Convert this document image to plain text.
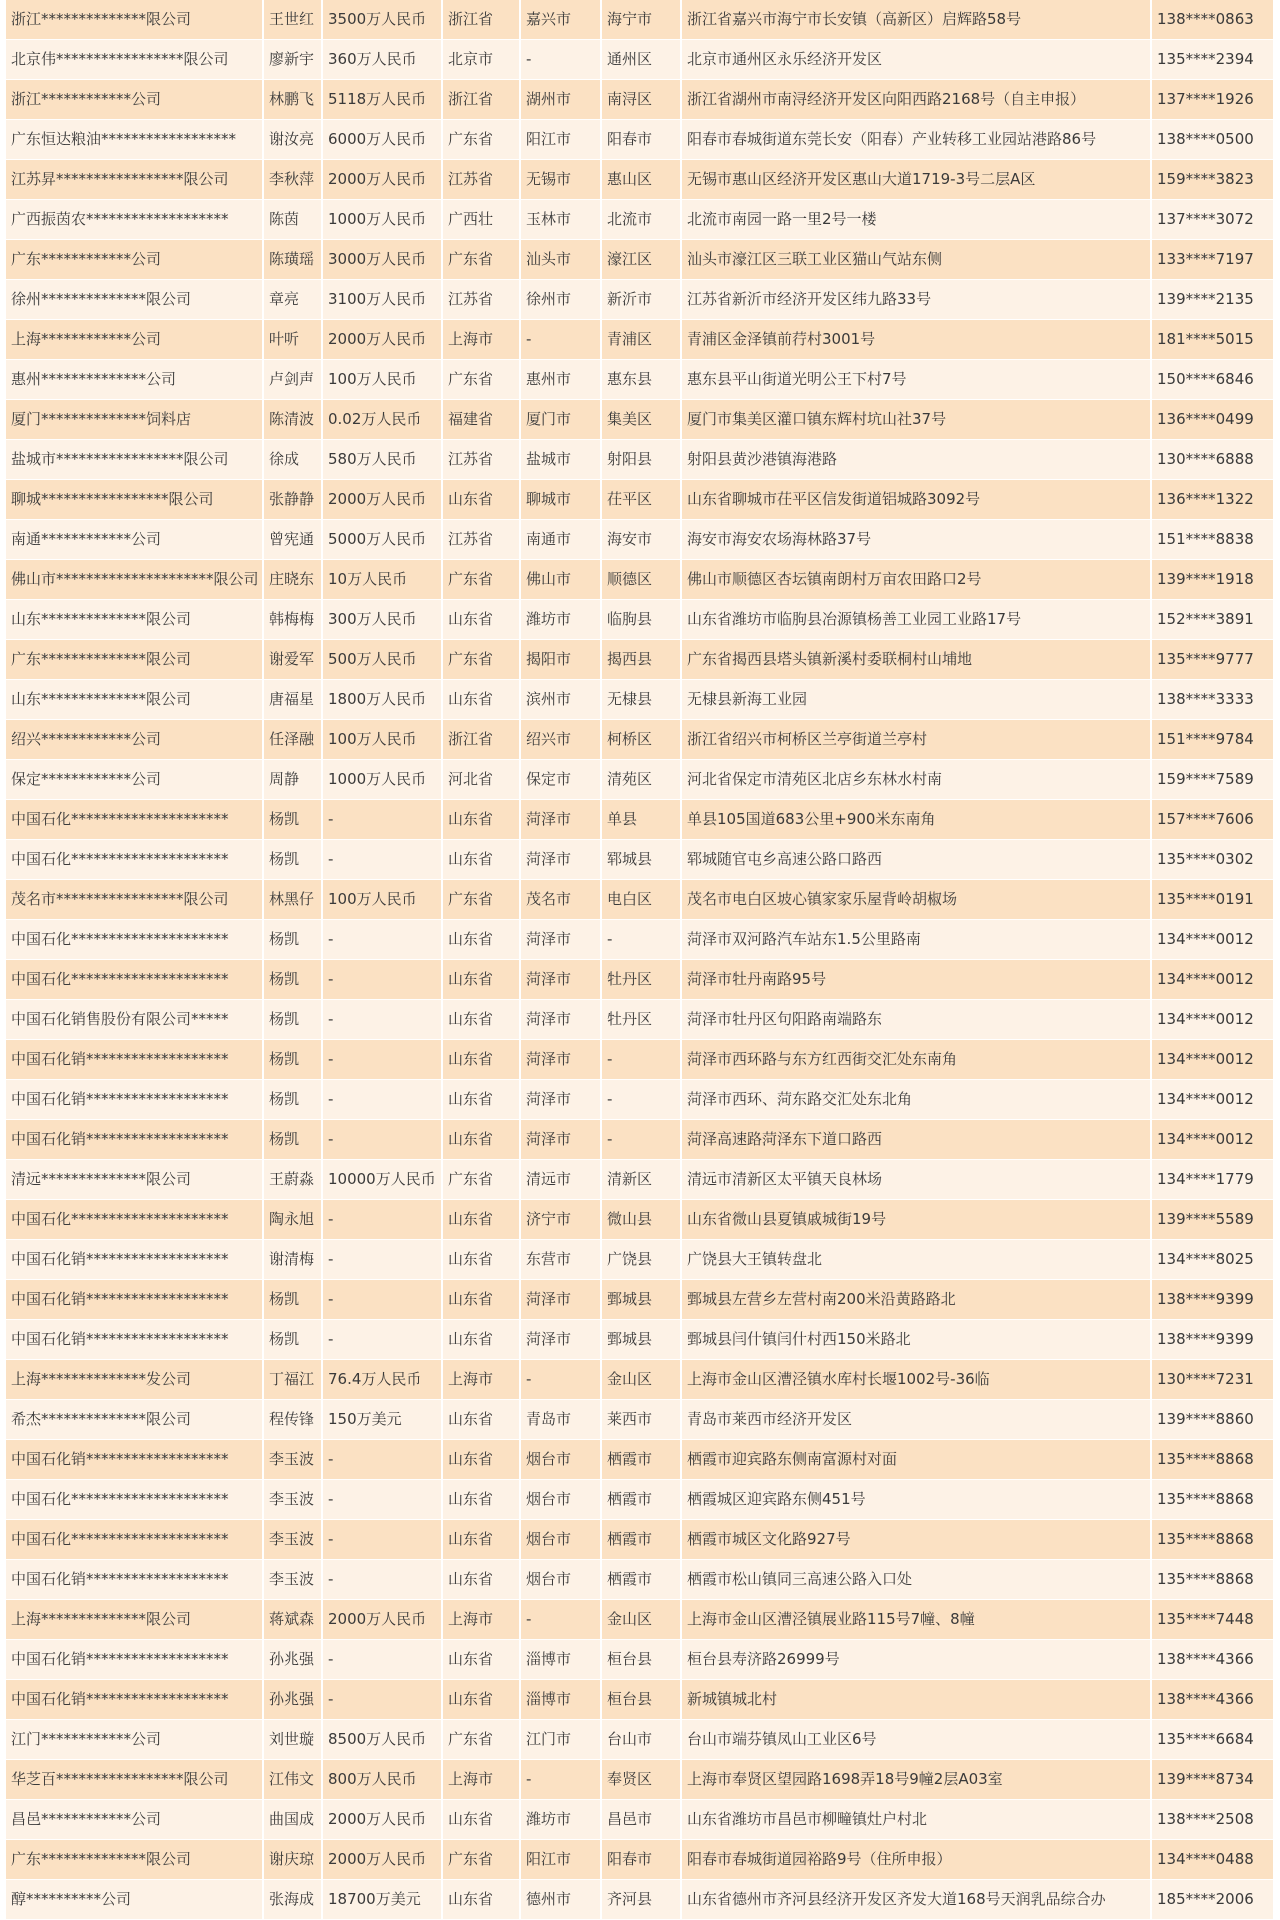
浙江**************限公司	王世红 3500万人民币	浙江省	嘉兴市	海宁市	浙江省嘉兴市海宁市长安镇（高新区）启辉路58号	138****0863
北京伟*****************限公司	廖新宇 360万人民币	北京市	-	通州区	北京市通州区永乐经济开发区	135****2394
浙江************公司	林鹏飞 5118万人民币	浙江省	湖州市	南浔区	浙江省湖州市南浔经济开发区向阳西路2168号（自主申报）	137****1926
广东恒达粮油******************	谢汝亮 6000万人民币	广东省	阳江市	阳春市	阳春市春城街道东莞长安（阳春）产业转移工业园站港路86号	138****0500
江苏昇*****************限公司	李秋萍 2000万人民币	江苏省	无锡市	惠山区	无锡市惠山区经济开发区惠山大道1719-3号二层A区	159****3823
广西振茵农*******************	陈茵	1000万人民币	广西壮	玉林市	北流市	北流市南园一路一里2号一楼	137****3072
广东************公司	陈璜瑶 3000万人民币	广东省	汕头市	濠江区	汕头市濠江区三联工业区猫山气站东侧	133****7197
徐州**************限公司	章亮	3100万人民币	江苏省	徐州市	新沂市	江苏省新沂市经济开发区纬九路33号	139****2135
上海************公司	叶听	2000万人民币	上海市	-	青浦区	青浦区金泽镇前荇村3001号	181****5015
惠州**************公司	卢剑声 100万人民币	广东省	惠州市	惠东县	惠东县平山街道光明公王下村7号	150****6846
厦门**************饲料店	陈清波 0.02万人民币	福建省	厦门市	集美区	厦门市集美区灌口镇东辉村坑山社37号	136****0499
盐城市*****************限公司	徐成	580万人民币	江苏省	盐城市	射阳县	射阳县黄沙港镇海港路	130****6888
聊城*****************限公司	张静静 2000万人民币	山东省	聊城市	茌平区	山东省聊城市茌平区信发街道铝城路3092号	136****1322
南通************公司	曾宪通 5000万人民币	江苏省	南通市	海安市	海安市海安农场海林路37号	151****8838
佛山市*********************限公司 庄晓东 10万人民币	广东省	佛山市	顺德区	佛山市顺德区杏坛镇南朗村万亩农田路口2号	139****1918
山东**************限公司	韩梅梅 300万人民币	山东省	潍坊市	临朐县	山东省潍坊市临朐县冶源镇杨善工业园工业路17号	152****3891
广东**************限公司	谢爱军 500万人民币	广东省	揭阳市	揭西县	广东省揭西县塔头镇新溪村委联桐村山埔地	135****9777
山东**************限公司	唐福星 1800万人民币	山东省	滨州市	无棣县	无棣县新海工业园	138****3333
绍兴************公司	任泽融 100万人民币	浙江省	绍兴市	柯桥区	浙江省绍兴市柯桥区兰亭街道兰亭村	151****9784
保定************公司	周静	1000万人民币	河北省	保定市	清苑区	河北省保定市清苑区北店乡东林水村南	159****7589
中国石化*********************	杨凯	-	山东省	菏泽市	单县	单县105国道683公里+900米东南角	157****7606
中国石化*********************	杨凯	-	山东省	菏泽市	郓城县	郓城随官屯乡高速公路口路西	135****0302
茂名市*****************限公司	林黑仔 100万人民币	广东省	茂名市	电白区	茂名市电白区坡心镇家家乐屋背岭胡椒场	135****0191
中国石化*********************	杨凯	-	山东省	菏泽市	-	菏泽市双河路汽车站东1.5公里路南	134****0012
中国石化*********************	杨凯	-	山东省	菏泽市	牡丹区	菏泽市牡丹南路95号	134****0012
中国石化销售股份有限公司*****	杨凯	-	山东省	菏泽市	牡丹区	菏泽市牡丹区句阳路南端路东	134****0012
中国石化销*******************	杨凯	-	山东省	菏泽市	-	菏泽市西环路与东方红西街交汇处东南角	134****0012
中国石化销*******************	杨凯	-	山东省	菏泽市	-	菏泽市西环、菏东路交汇处东北角	134****0012
中国石化销*******************	杨凯	-	山东省	菏泽市	-	菏泽高速路菏泽东下道口路西	134****0012
清远**************限公司	王蔚淼 10000万人民币 广东省	清远市	清新区	清远市清新区太平镇天良林场	134****1779
中国石化*********************	陶永旭 -	山东省	济宁市	微山县	山东省微山县夏镇戚城街19号	139****5589
中国石化销*******************	谢清梅 -	山东省	东营市	广饶县	广饶县大王镇转盘北	134****8025
中国石化销*******************	杨凯	-	山东省	菏泽市	鄄城县	鄄城县左营乡左营村南200米沿黄路路北	138****9399
中国石化销*******************	杨凯	-	山东省	菏泽市	鄄城县	鄄城县闫什镇闫什村西150米路北	138****9399
上海**************发公司	丁福江 76.4万人民币	上海市	-	金山区	上海市金山区漕泾镇水库村长堰1002号-36临	130****7231
希杰**************限公司	程传锋 150万美元	山东省	青岛市	莱西市	青岛市莱西市经济开发区	139****8860
中国石化销*******************	李玉波 -	山东省	烟台市	栖霞市	栖霞市迎宾路东侧南富源村对面	135****8868
中国石化*********************	李玉波 -	山东省	烟台市	栖霞市	栖霞城区迎宾路东侧451号	135****8868
中国石化*********************	李玉波 -	山东省	烟台市	栖霞市	栖霞市城区文化路927号	135****8868
中国石化销*******************	李玉波 -	山东省	烟台市	栖霞市	栖霞市松山镇同三高速公路入口处	135****8868
上海**************限公司	蒋斌森 2000万人民币	上海市	-	金山区	上海市金山区漕泾镇展业路115号7幢、8幢	135****7448
中国石化销*******************	孙兆强 -	山东省	淄博市	桓台县	桓台县寿济路26999号	138****4366
中国石化销*******************	孙兆强 -	山东省	淄博市	桓台县	新城镇城北村	138****4366
江门************公司	刘世璇 8500万人民币	广东省	江门市	台山市	台山市端芬镇凤山工业区6号	135****6684
华芝百*****************限公司	江伟文 800万人民币	上海市	-	奉贤区	上海市奉贤区望园路1698弄18号9幢2层A03室	139****8734
昌邑************公司	曲国成 2000万人民币	山东省	潍坊市	昌邑市	山东省潍坊市昌邑市柳疃镇灶户村北	138****2508
广东**************限公司	谢庆琼 2000万人民币	广东省	阳江市	阳春市	阳春市春城街道园裕路9号（住所申报）	134****0488
醇**********公司	张海成 18700万美元	山东省	德州市	齐河县	山东省德州市齐河县经济开发区齐发大道168号天润乳品综合办	185****2006
